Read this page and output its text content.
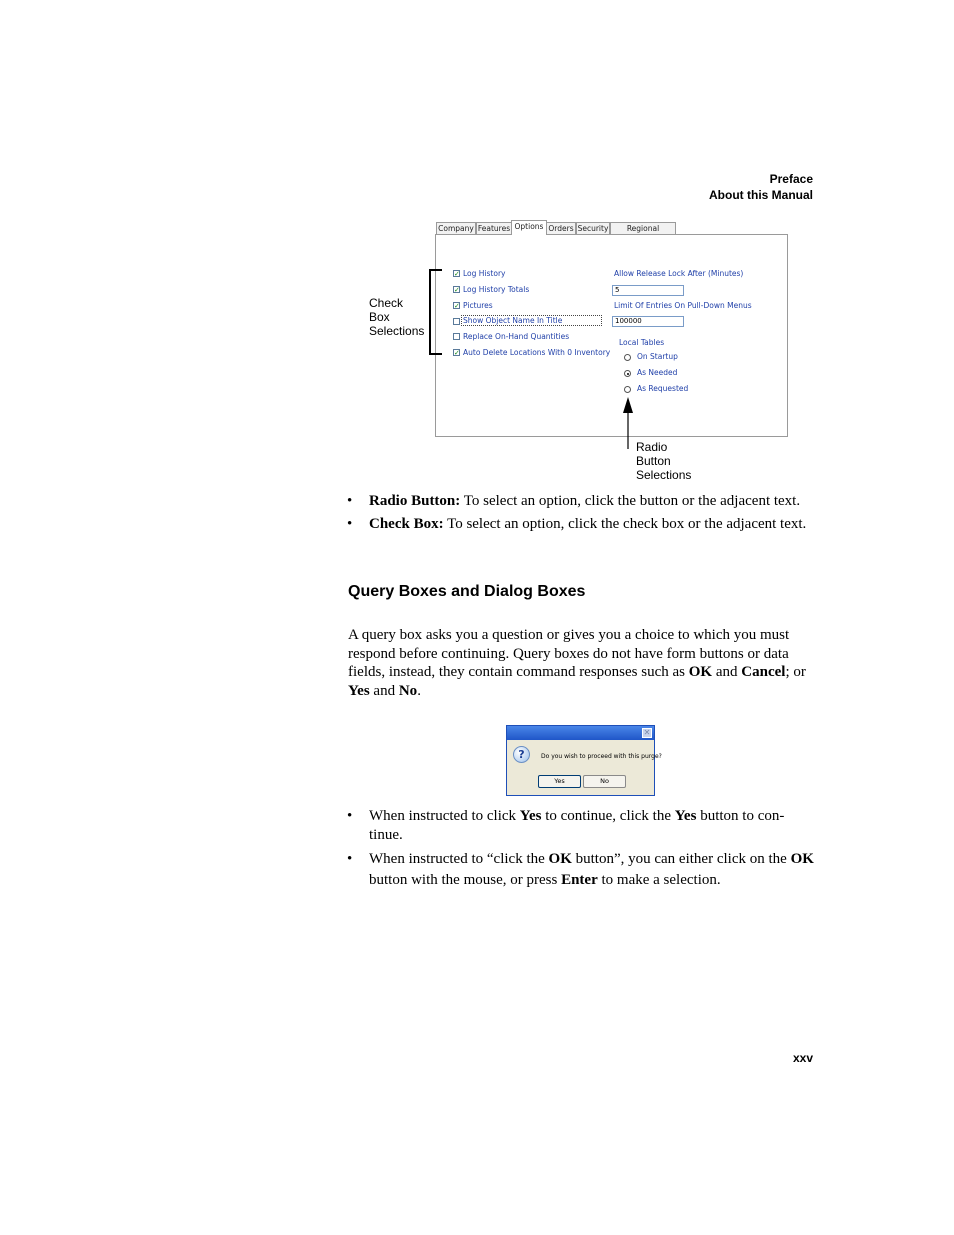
Preface
About this Manual
Company Features Options Orders Security	Regional
✓ Log History
✓ Log History Totals
✓ Pictures
Show Object Name In Title
Replace On-Hand Quantities
✓ Auto Delete Locations With 0 Inventory
Allow Release Lock After (Minutes)
5
Limit Of Entries On Pull-Down Menus
100000
Local Tables
On Startup
As Needed
As Requested
Check
Box
Selections
Radio
Button
Selections
• Radio Button: To select an option, click the button or the adjacent text.
• Check Box: To select an option, click the check box or the adjacent text.
Query Boxes and Dialog Boxes
A query box asks you a question or gives you a choice to which you must respond before continuing. Query boxes do not have form buttons or data fields, instead, they contain command responses such as OK and Cancel; or Yes and No.
✕
?	Do you wish to proceed with this purge?
Yes	No
• When instructed to click Yes to continue, click the Yes button to con-tinue.
• When instructed to “click the OK button”, you can either click on the OK button with the mouse, or press Enter to make a selection.
xxv
